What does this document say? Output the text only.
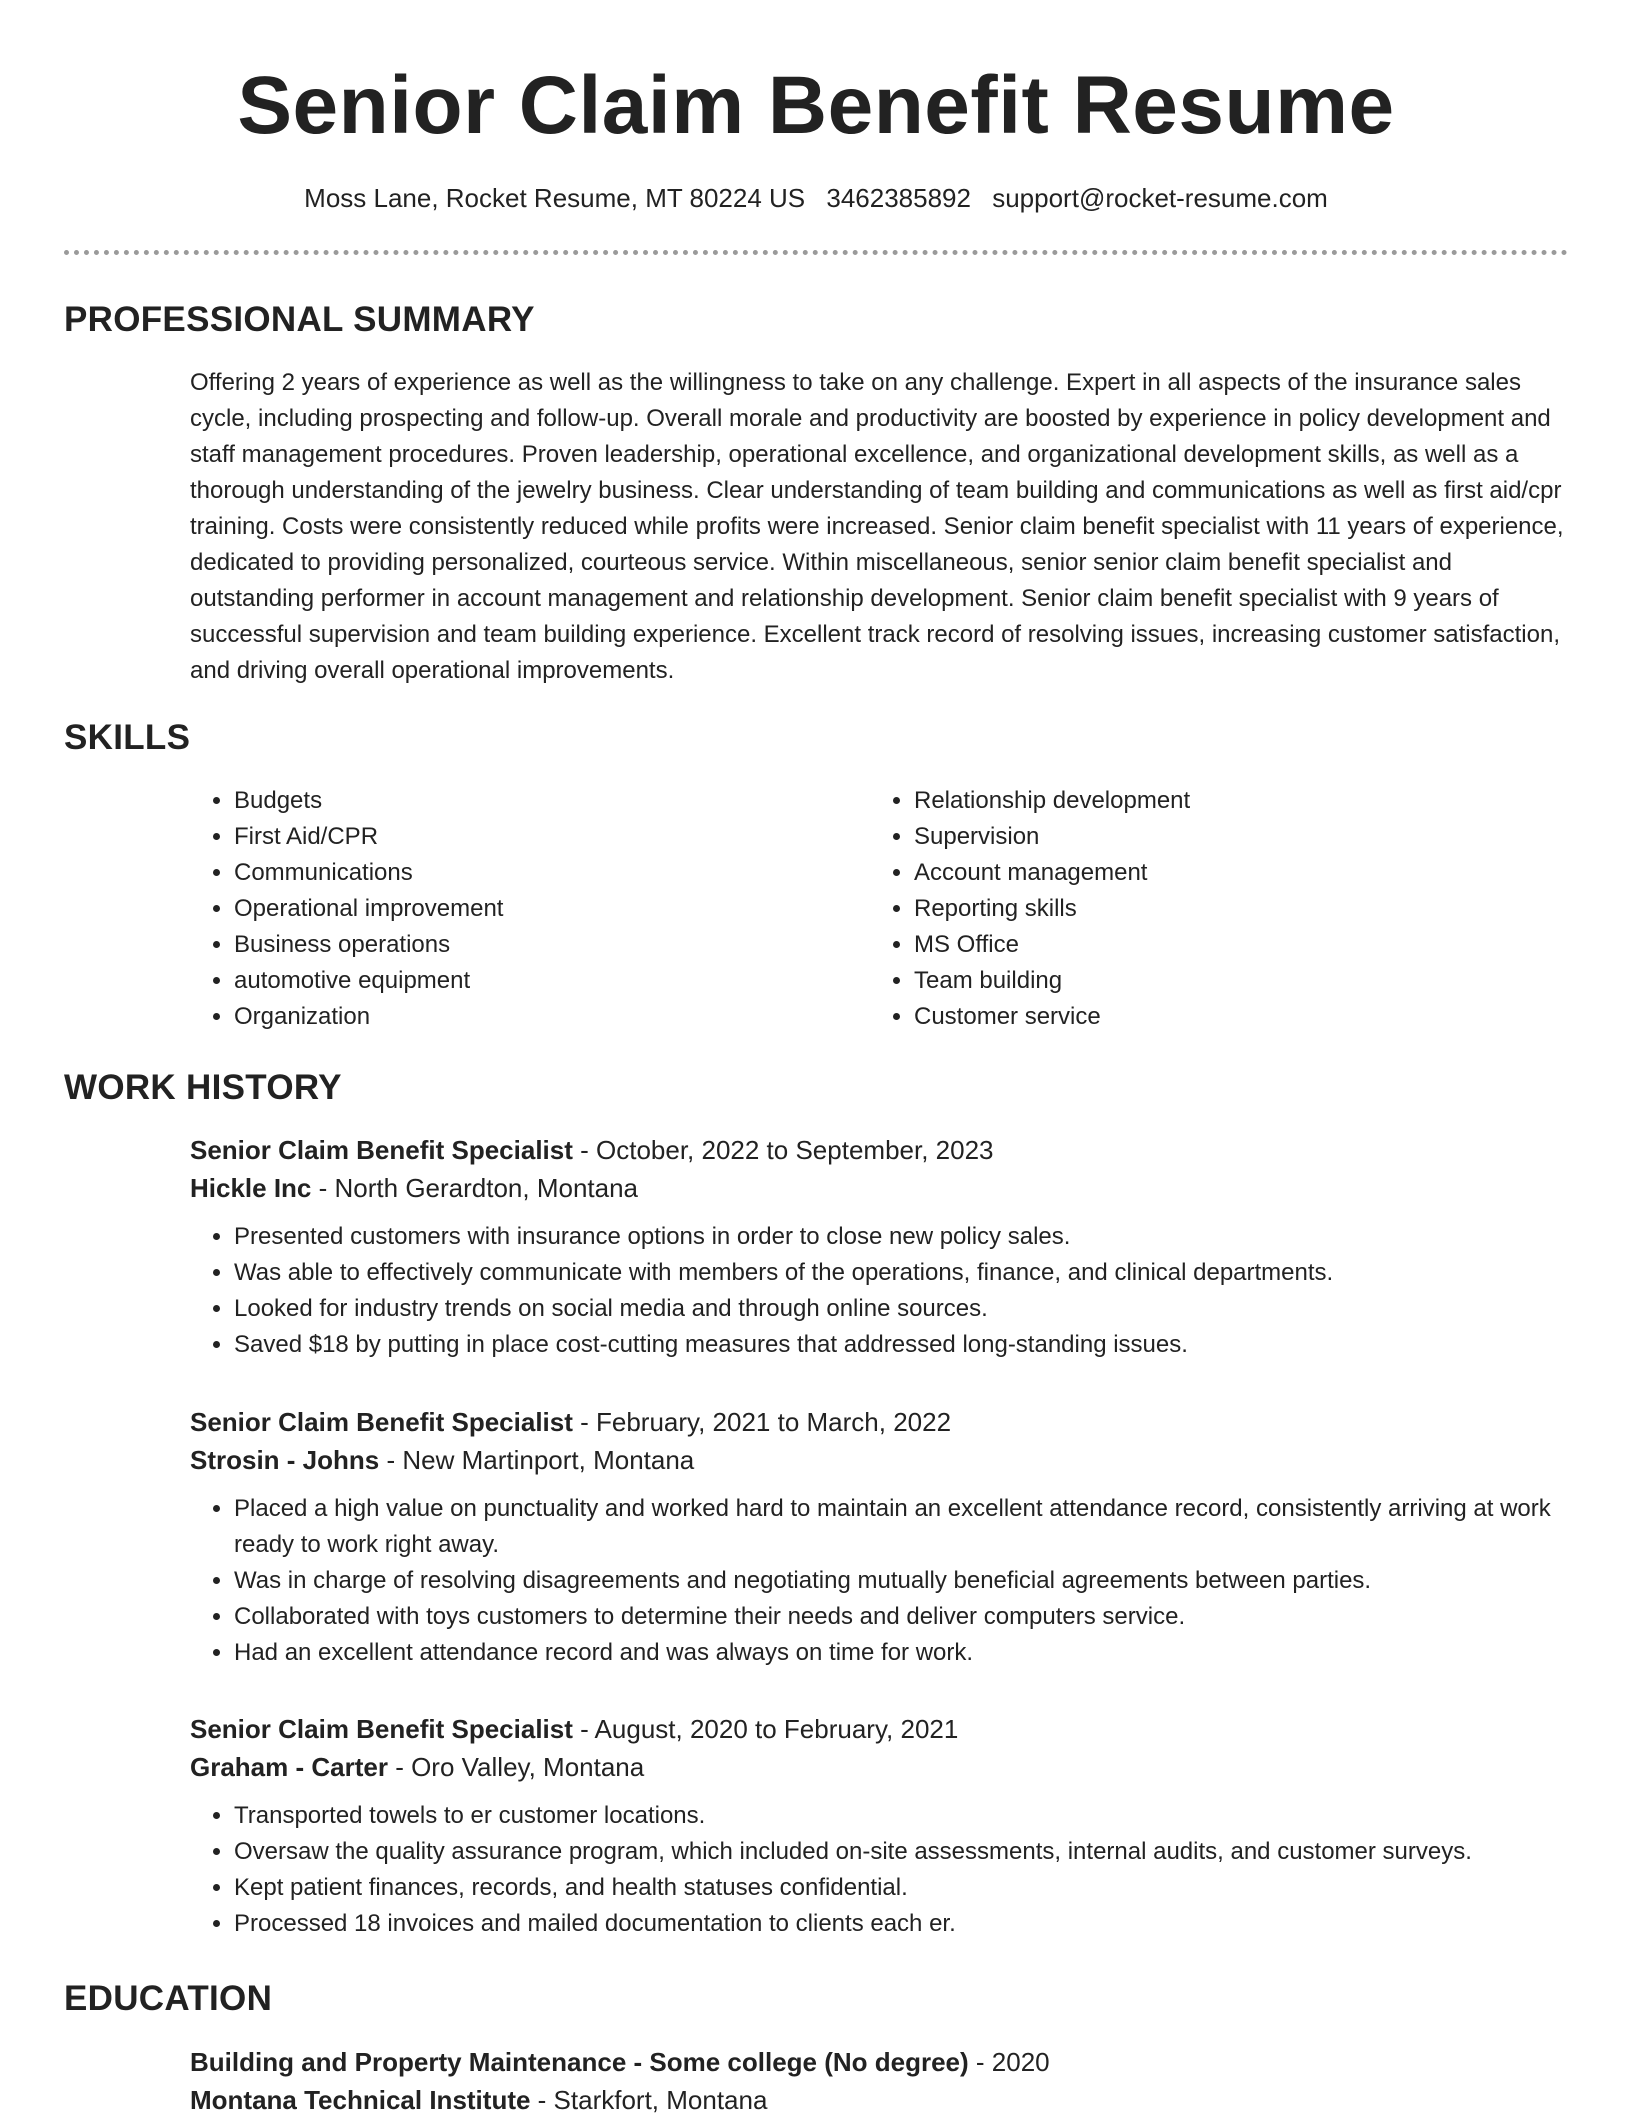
Senior Claim Benefit Resume
Moss Lane, Rocket Resume, MT 80224 US 3462385892 support@rocket-resume.com
PROFESSIONAL SUMMARY

Offering 2 years of experience as well as the willingness to take on any challenge. Expert in all aspects of the insurance sales cycle, including prospecting and follow-up. Overall morale and productivity are boosted by experience in policy development and staff management procedures. Proven leadership, operational excellence, and organizational development skills, as well as a thorough understanding of the jewelry business. Clear understanding of team building and communications as well as first aid/cpr training. Costs were consistently reduced while profits were increased. Senior claim benefit specialist with 11 years of experience, dedicated to providing personalized, courteous service. Within miscellaneous, senior senior claim benefit specialist and outstanding performer in account management and relationship development. Senior claim benefit specialist with 9 years of successful supervision and team building experience. Excellent track record of resolving issues, increasing customer satisfaction, and driving overall operational improvements.

SKILLS
• Budgets
• First Aid/CPR
• Communications
• Operational improvement
• Business operations
• automotive equipment
• Organization
• Relationship development
• Supervision
• Account management
• Reporting skills
• MS Office
• Team building
• Customer service
WORK HISTORY

Senior Claim Benefit Specialist - October, 2022 to September, 2023

Hickle Inc - North Gerardton, Montana

• Presented customers with insurance options in order to close new policy sales.
• Was able to effectively communicate with members of the operations, finance, and clinical departments.
• Looked for industry trends on social media and through online sources.
• Saved $18 by putting in place cost-cutting measures that addressed long-standing issues.

Senior Claim Benefit Specialist - February, 2021 to March, 2022

Strosin - Johns - New Martinport, Montana

• Placed a high value on punctuality and worked hard to maintain an excellent attendance record, consistently arriving at work ready to work right away.
• Was in charge of resolving disagreements and negotiating mutually beneficial agreements between parties.
• Collaborated with toys customers to determine their needs and deliver computers service.
• Had an excellent attendance record and was always on time for work.

Senior Claim Benefit Specialist - August, 2020 to February, 2021

Graham - Carter - Oro Valley, Montana

• Transported towels to er customer locations.
• Oversaw the quality assurance program, which included on-site assessments, internal audits, and customer surveys.
• Kept patient finances, records, and health statuses confidential.
• Processed 18 invoices and mailed documentation to clients each er.
EDUCATION

Building and Property Maintenance - Some college (No degree) - 2020

Montana Technical Institute - Starkfort, Montana
